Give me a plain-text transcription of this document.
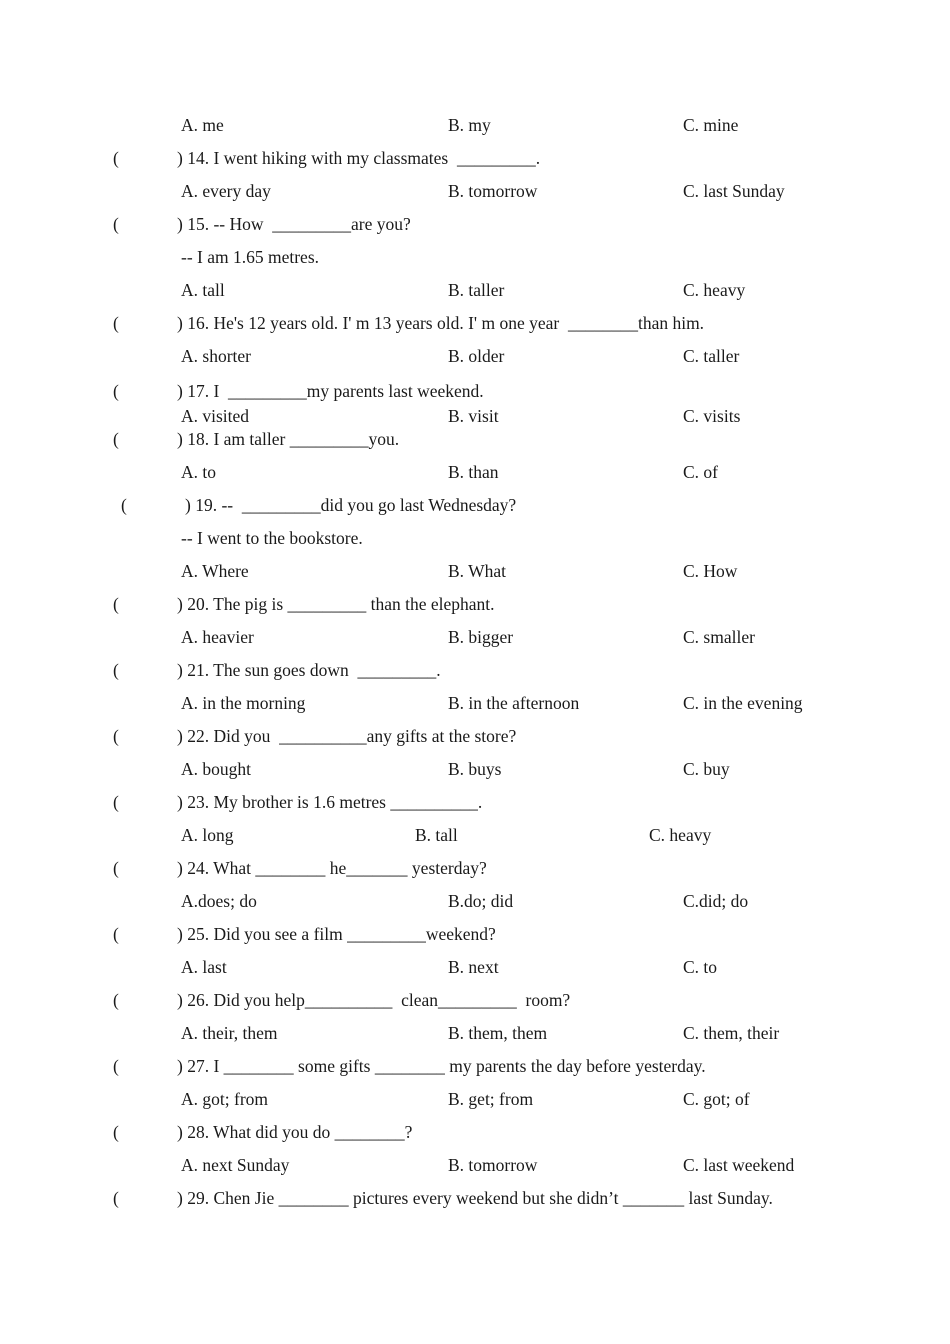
A. me	B. my	C. mine
(	) 14. I went hiking with my classmates  _________.
A. every day	B. tomorrow	C. last Sunday
(	) 15. -- How  _________are you?
-- I am 1.65 metres.
A. tall	B. taller	C. heavy
(	) 16. He's 12 years old. I' m 13 years old. I' m one year  ________than him.
A. shorter	B. older	C. taller
(	) 17. I  _________my parents last weekend.
A. visited	B. visit	C. visits
(	) 18. I am taller _________you.
A. to	B. than	C. of
(	) 19. --  _________did you go last Wednesday?
-- I went to the bookstore.
A. Where	B. What	C. How
(	) 20. The pig is _________ than the elephant.
A. heavier	B. bigger	C. smaller
(	) 21. The sun goes down  _________.
A. in the morning	B. in the afternoon	C. in the evening
(	) 22. Did you  __________any gifts at the store?
A. bought	B. buys	C. buy
(	) 23. My brother is 1.6 metres __________.
A. long	B. tall	C. heavy
(	) 24. What ________ he_______ yesterday?
A.does; do	B.do; did	C.did; do
(	) 25. Did you see a film _________weekend?
A. last	B. next	C. to
(	) 26. Did you help__________  clean_________  room?
A. their, them	B. them, them	C. them, their
(	) 27. I ________ some gifts ________ my parents the day before yesterday.
A. got; from	B. get; from	C. got; of
(	) 28. What did you do ________?
A. next Sunday	B. tomorrow	C. last weekend
(	) 29. Chen Jie ________ pictures every weekend but she didn’t _______ last Sunday.
